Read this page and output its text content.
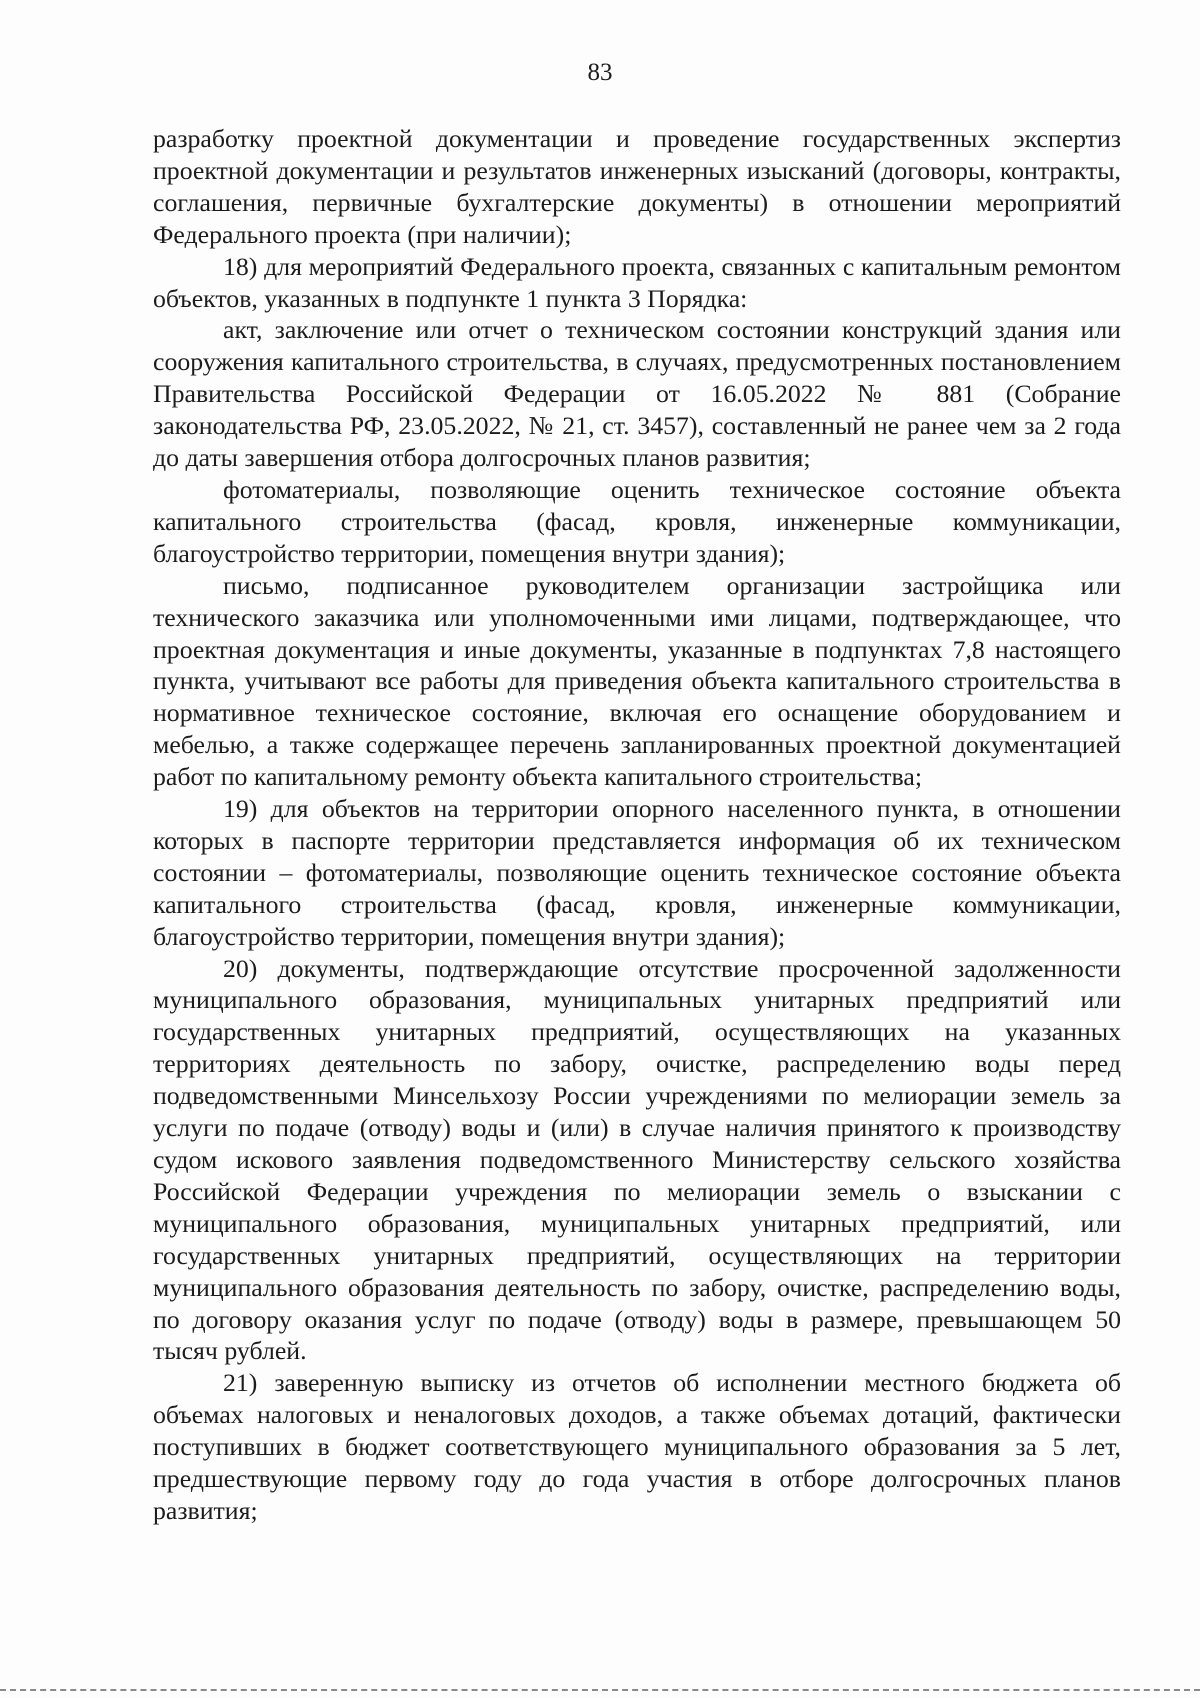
83

разработку проектной документации и проведение государственных экспертиз проектной документации и результатов инженерных изысканий (договоры, контракты, соглашения, первичные бухгалтерские документы) в отношении мероприятий Федерального проекта (при наличии);

18) для мероприятий Федерального проекта, связанных с капитальным ремонтом объектов, указанных в подпункте 1 пункта 3 Порядка:

акт, заключение или отчет о техническом состоянии конструкций здания или сооружения капитального строительства, в случаях, предусмотренных постановлением Правительства Российской Федерации от 16.05.2022 № 881 (Собрание законодательства РФ, 23.05.2022, № 21, ст. 3457), составленный не ранее чем за 2 года до даты завершения отбора долгосрочных планов развития;

фотоматериалы, позволяющие оценить техническое состояние объекта капитального строительства (фасад, кровля, инженерные коммуникации, благоустройство территории, помещения внутри здания);

письмо, подписанное руководителем организации застройщика или технического заказчика или уполномоченными ими лицами, подтверждающее, что проектная документация и иные документы, указанные в подпунктах 7,8 настоящего пункта, учитывают все работы для приведения объекта капитального строительства в нормативное техническое состояние, включая его оснащение оборудованием и мебелью, а также содержащее перечень запланированных проектной документацией работ по капитальному ремонту объекта капитального строительства;

19) для объектов на территории опорного населенного пункта, в отношении которых в паспорте территории представляется информация об их техническом состоянии – фотоматериалы, позволяющие оценить техническое состояние объекта капитального строительства (фасад, кровля, инженерные коммуникации, благоустройство территории, помещения внутри здания);

20) документы, подтверждающие отсутствие просроченной задолженности муниципального образования, муниципальных унитарных предприятий или государственных унитарных предприятий, осуществляющих на указанных территориях деятельность по забору, очистке, распределению воды перед подведомственными Минсельхозу России учреждениями по мелиорации земель за услуги по подаче (отводу) воды и (или) в случае наличия принятого к производству судом искового заявления подведомственного Министерству сельского хозяйства Российской Федерации учреждения по мелиорации земель о взыскании с муниципального образования, муниципальных унитарных предприятий, или государственных унитарных предприятий, осуществляющих на территории муниципального образования деятельность по забору, очистке, распределению воды, по договору оказания услуг по подаче (отводу) воды в размере, превышающем 50 тысяч рублей.

21) заверенную выписку из отчетов об исполнении местного бюджета об объемах налоговых и неналоговых доходов, а также объемах дотаций, фактически поступивших в бюджет соответствующего муниципального образования за 5 лет, предшествующие первому году до года участия в отборе долгосрочных планов развития;
